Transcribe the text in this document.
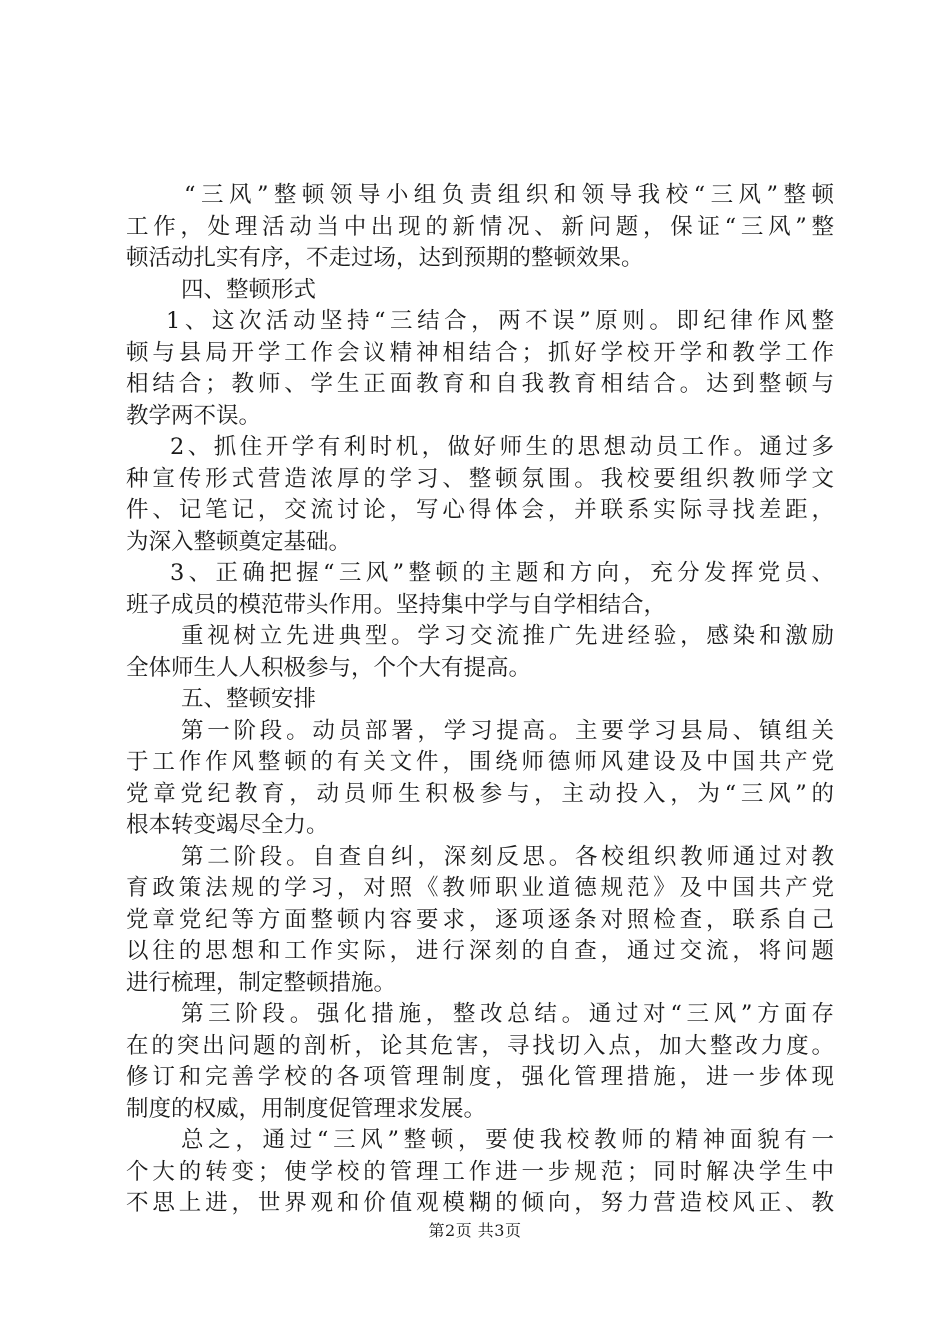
“三风”整顿领导小组负责组织和领导我校“三风”整顿
工作，处理活动当中出现的新情况、新问题，保证“三风”整
顿活动扎实有序，不走过场，达到预期的整顿效果。
四、整顿形式
1、这次活动坚持“三结合，两不误”原则。即纪律作风整
顿与县局开学工作会议精神相结合；抓好学校开学和教学工作
相结合；教师、学生正面教育和自我教育相结合。达到整顿与
教学两不误。
2、抓住开学有利时机，做好师生的思想动员工作。通过多
种宣传形式营造浓厚的学习、整顿氛围。我校要组织教师学文
件、记笔记，交流讨论，写心得体会，并联系实际寻找差距，
为深入整顿奠定基础。
3、正确把握“三风”整顿的主题和方向，充分发挥党员、
班子成员的模范带头作用。坚持集中学与自学相结合，
重视树立先进典型。学习交流推广先进经验，感染和激励
全体师生人人积极参与，个个大有提高。
五、整顿安排
第一阶段。动员部署，学习提高。主要学习县局、镇组关
于工作作风整顿的有关文件，围绕师德师风建设及中国共产党
党章党纪教育，动员师生积极参与，主动投入，为“三风”的
根本转变竭尽全力。
第二阶段。自查自纠，深刻反思。各校组织教师通过对教
育政策法规的学习，对照《教师职业道德规范》及中国共产党
党章党纪等方面整顿内容要求，逐项逐条对照检查，联系自己
以往的思想和工作实际，进行深刻的自查，通过交流，将问题
进行梳理，制定整顿措施。
第三阶段。强化措施，整改总结。通过对“三风”方面存
在的突出问题的剖析，论其危害，寻找切入点，加大整改力度。
修订和完善学校的各项管理制度，强化管理措施，进一步体现
制度的权威，用制度促管理求发展。
总之，通过“三风”整顿，要使我校教师的精神面貌有一
个大的转变；使学校的管理工作进一步规范；同时解决学生中
不思上进，世界观和价值观模糊的倾向，努力营造校风正、教
第2页 共3页
